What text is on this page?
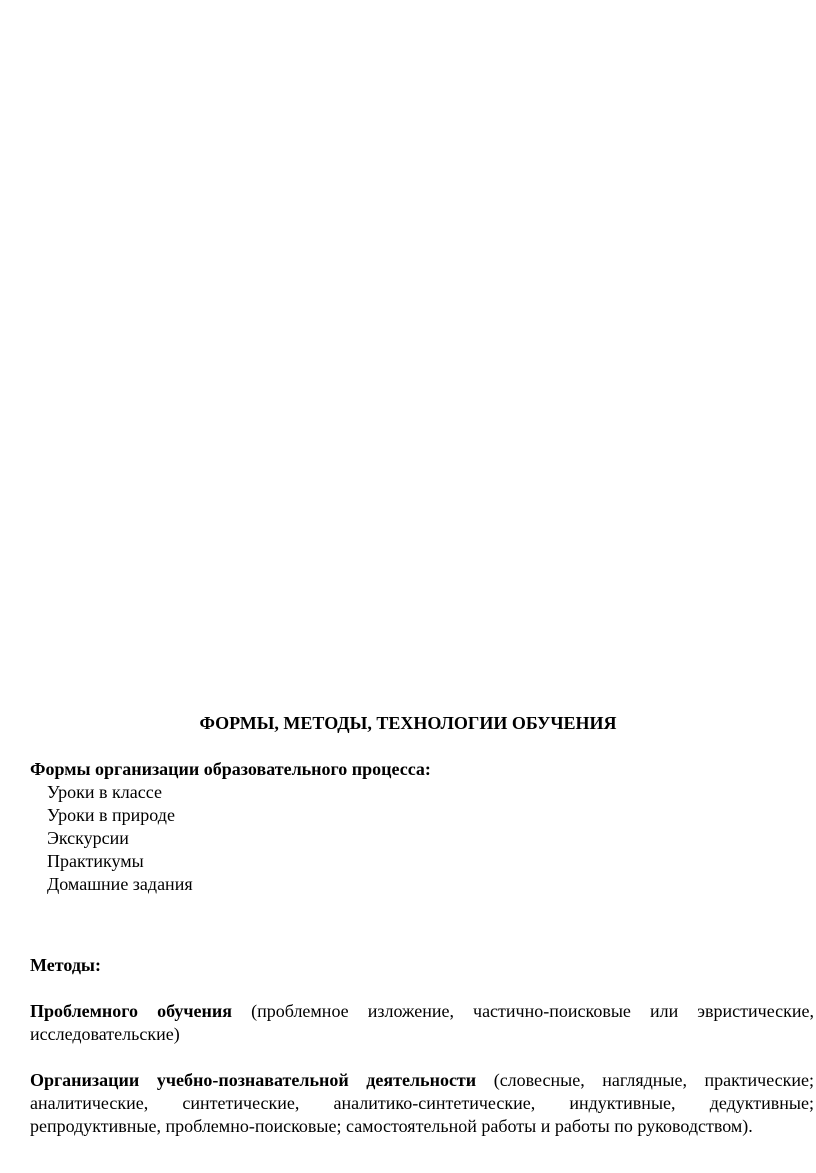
ФОРМЫ, МЕТОДЫ, ТЕХНОЛОГИИ ОБУЧЕНИЯ

Формы организации образовательного процесса:

Уроки в классе
Уроки в природе
Экскурсии
Практикумы
Домашние задания

Методы:

Проблемного обучения (проблемное изложение, частично-поисковые или эвристические, исследовательские)

Организации учебно-познавательной деятельности (словесные, наглядные, практические; аналитические, синтетические, аналитико-синтетические, индуктивные, дедуктивные; репродуктивные, проблемно-поисковые; самостоятельной работы и работы по руководством).
